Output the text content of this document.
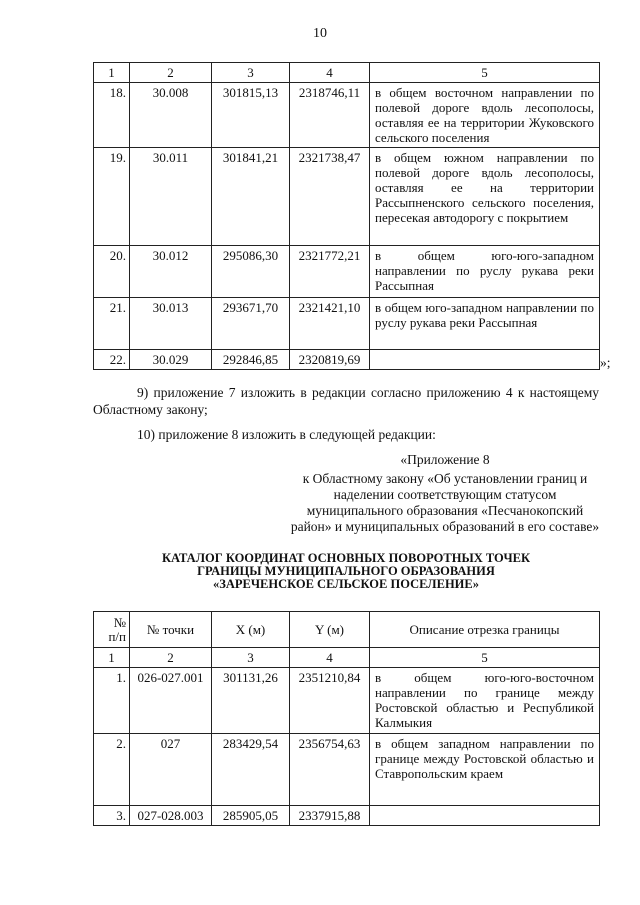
10
1	2	3	4	5
18.	30.008	301815,13	2318746,11	в общем восточном направлении по полевой дороге вдоль лесополосы, оставляя ее на территории Жуковского сельского поселения
19.	30.011	301841,21	2321738,47	в общем южном направлении по полевой дороге вдоль лесополосы, оставляя ее на территории Рассыпненского сельского поселения, пересекая автодорогу с покрытием
20.	30.012	295086,30	2321772,21	в общем юго-юго-западном направлении по руслу рукава реки Рассыпная
21.	30.013	293671,70	2321421,10	в общем юго-западном направлении по руслу рукава реки Рассыпная
22.	30.029	292846,85	2320819,69		»;
9) приложение 7 изложить в редакции согласно приложению 4 к настоящему Областному закону;
10) приложение 8 изложить в следующей редакции:
«Приложение 8
к Областному закону «Об установлении границ и наделении соответствующим статусом муниципального образования «Песчанокопский район» и муниципальных образований в его составе»
КАТАЛОГ КООРДИНАТ ОСНОВНЫХ ПОВОРОТНЫХ ТОЧЕК
ГРАНИЦЫ МУНИЦИПАЛЬНОГО ОБРАЗОВАНИЯ
«ЗАРЕЧЕНСКОЕ СЕЛЬСКОЕ ПОСЕЛЕНИЕ»
№
п/п	№ точки	X (м)	Y (м)	Описание отрезка границы
1	2	3	4	5
1.	026-027.001	301131,26	2351210,84	в общем юго-юго-восточном направлении по границе между Ростовской областью и Республикой Калмыкия
2.	027	283429,54	2356754,63	в общем западном направлении по границе между Ростовской областью и Ставропольским краем
3.	027-028.003	285905,05	2337915,88	
